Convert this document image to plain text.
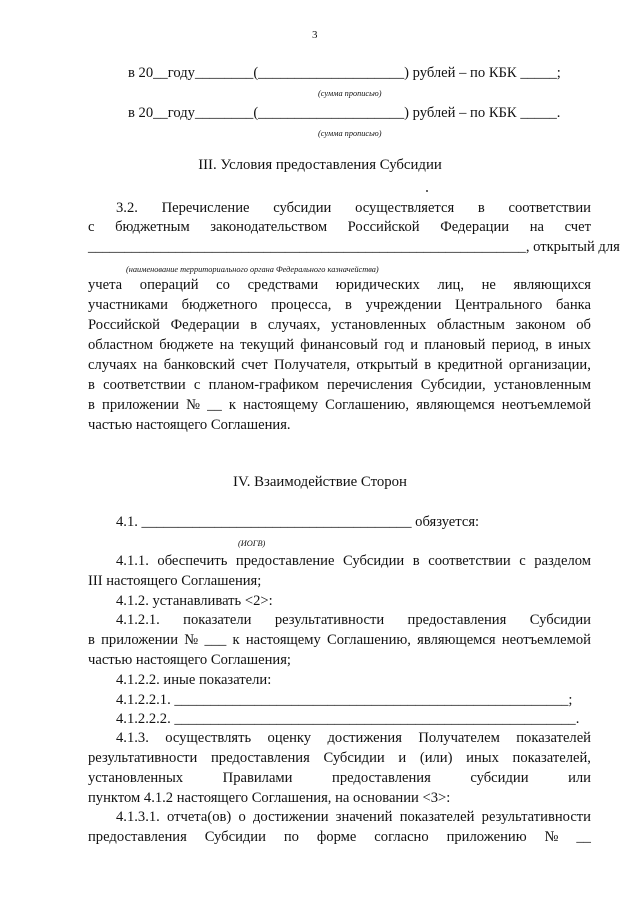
3
в 20__году________(____________________) рублей – по КБК _____;
(сумма прописью)
в 20__году________(____________________) рублей – по КБК _____.
(сумма прописью)
III. Условия предоставления Субсидии
3.2. Перечисление субсидии осуществляется в соответствии
с бюджетным законодательством Российской Федерации на счет
____________________________________________________________, открытый для
(наименование территориального органа Федерального казначейства)
учета операций со средствами юридических лиц, не являющихся
участниками бюджетного процесса, в учреждении Центрального банка
Российской Федерации в случаях, установленных областным законом об
областном бюджете на текущий финансовый год и плановый период, в иных
случаях на банковский счет Получателя, открытый в кредитной организации,
в соответствии с планом-графиком перечисления Субсидии, установленным
в приложении № __ к настоящему Соглашению, являющемся неотъемлемой
частью настоящего Соглашения.
IV. Взаимодействие Сторон
4.1. _____________________________________ обязуется:
(ИОГВ)
4.1.1. обеспечить предоставление Субсидии в соответствии с разделом
III настоящего Соглашения;
4.1.2. устанавливать <2>:
4.1.2.1. показатели результативности предоставления Субсидии
в приложении № ___ к настоящему Соглашению, являющемся неотъемлемой
частью настоящего Соглашения;
4.1.2.2. иные показатели:
4.1.2.2.1. ______________________________________________________;
4.1.2.2.2. _______________________________________________________.
4.1.3. осуществлять оценку достижения Получателем показателей
результативности предоставления Субсидии и (или) иных показателей,
установленных	Правилами	предоставления	субсидии	или
пунктом 4.1.2 настоящего Соглашения, на основании <3>:
4.1.3.1. отчета(ов) о достижении значений показателей результативности
предоставления Субсидии по форме согласно приложению № __
